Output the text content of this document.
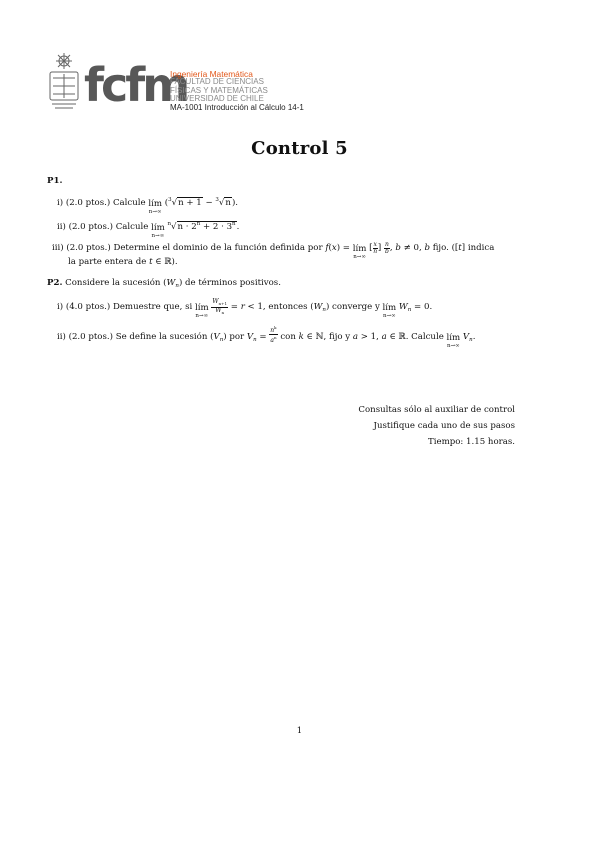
fcfm
Ingeniería Matemática
FACULTAD DE CIENCIAS
FÍSICAS Y MATEMÁTICAS
UNIVERSIDAD DE CHILE
MA-1001 Introducción al Cálculo 14-1
Control 5
P1.
i) (2.0 ptos.) Calcule lím
n→∞
($^3$√n + 1 − $^3$√n).
ii) (2.0 ptos.) Calcule lím
n→∞
$^n√n \cdot 2^n + 2 \cdot 3^n$.
iii) (2.0 ptos.) Determine el dominio de la función definida por f(x) = lím
n→∞
[ $\frac{x}{n}$ ] $\frac{n}{b}$ , b ≠ 0, b fijo. ([t] indica
la parte entera de t ∈ ℝ).
P2. Considere la sucesión $(W_n)$ de términos positivos.
i) (4.0 ptos.) Demuestre que, si lím
n→∞
$\frac{W_{n+1}}{W_n} = r < 1$, entonces $(W_n)$ converge y lím
n→∞
$W_n = 0$.
ii) (2.0 ptos.) Se define la sucesión $(V_n)$ por $V_n = \frac{n^k}{a^n}$ con k ∈ ℕ, fijo y a > 1, a ∈ ℝ. Calcule lím
n→∞
$V_n$.
Consultas sólo al auxiliar de control
Justifique cada uno de sus pasos
Tiempo: 1.15 horas.
1
